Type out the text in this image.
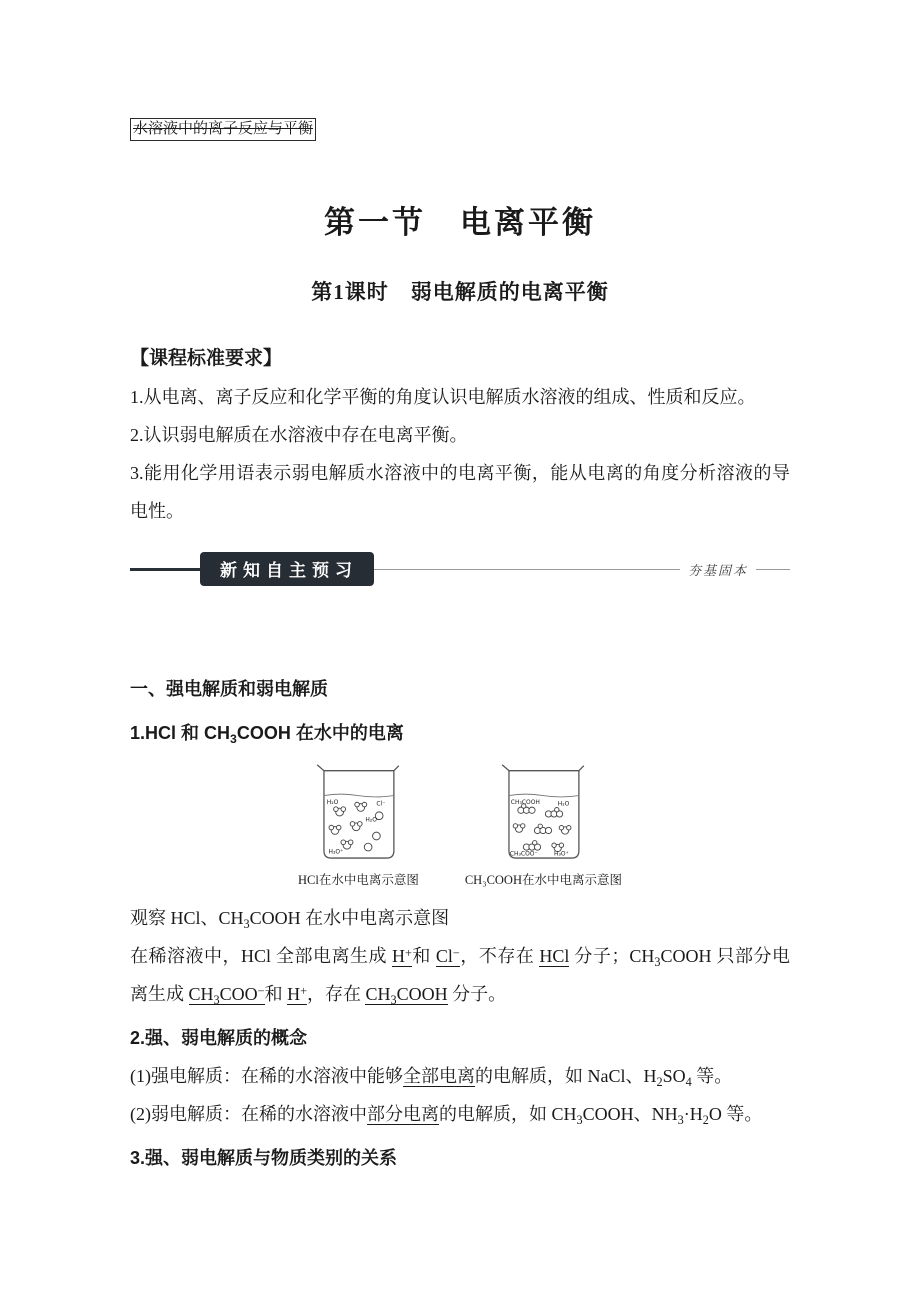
水溶液中的离子反应与平衡
第一节　电离平衡
第1课时　弱电解质的电离平衡
【课程标准要求】

1.从电离、离子反应和化学平衡的角度认识电解质水溶液的组成、性质和反应。

2.认识弱电解质在水溶液中存在电离平衡。

3.能用化学用语表示弱电解质水溶液中的电离平衡，能从电离的角度分析溶液的导电性。

新知自主预习	夯基固本
一、强电解质和弱电解质
1.HCl 和 $CH_3COOH$ 在水中的电离
H₂O	Cl⁻
H₂O
H₃O⁺
HCl在水中电离示意图
CH₃COOH	H₂O
CH₃COO⁻	H₃O⁺
CH₃COOH在水中电离示意图

观察 HCl、$CH_3COOH$ 在水中电离示意图

在稀溶液中，HCl 全部电离生成 H+和 Cl−，不存在 HCl 分子；$CH_3COOH$ 只部分电离生成 $CH_3COO^-$和 H+，存在 $CH_3COOH$ 分子。

2.强、弱电解质的概念

(1)强电解质：在稀的水溶液中能够全部电离的电解质，如 NaCl、$H_2SO_4$ 等。

(2)弱电解质：在稀的水溶液中部分电离的电解质，如 $CH_3COOH$、$NH_3\cdot H_2O$ 等。

3.强、弱电解质与物质类别的关系
